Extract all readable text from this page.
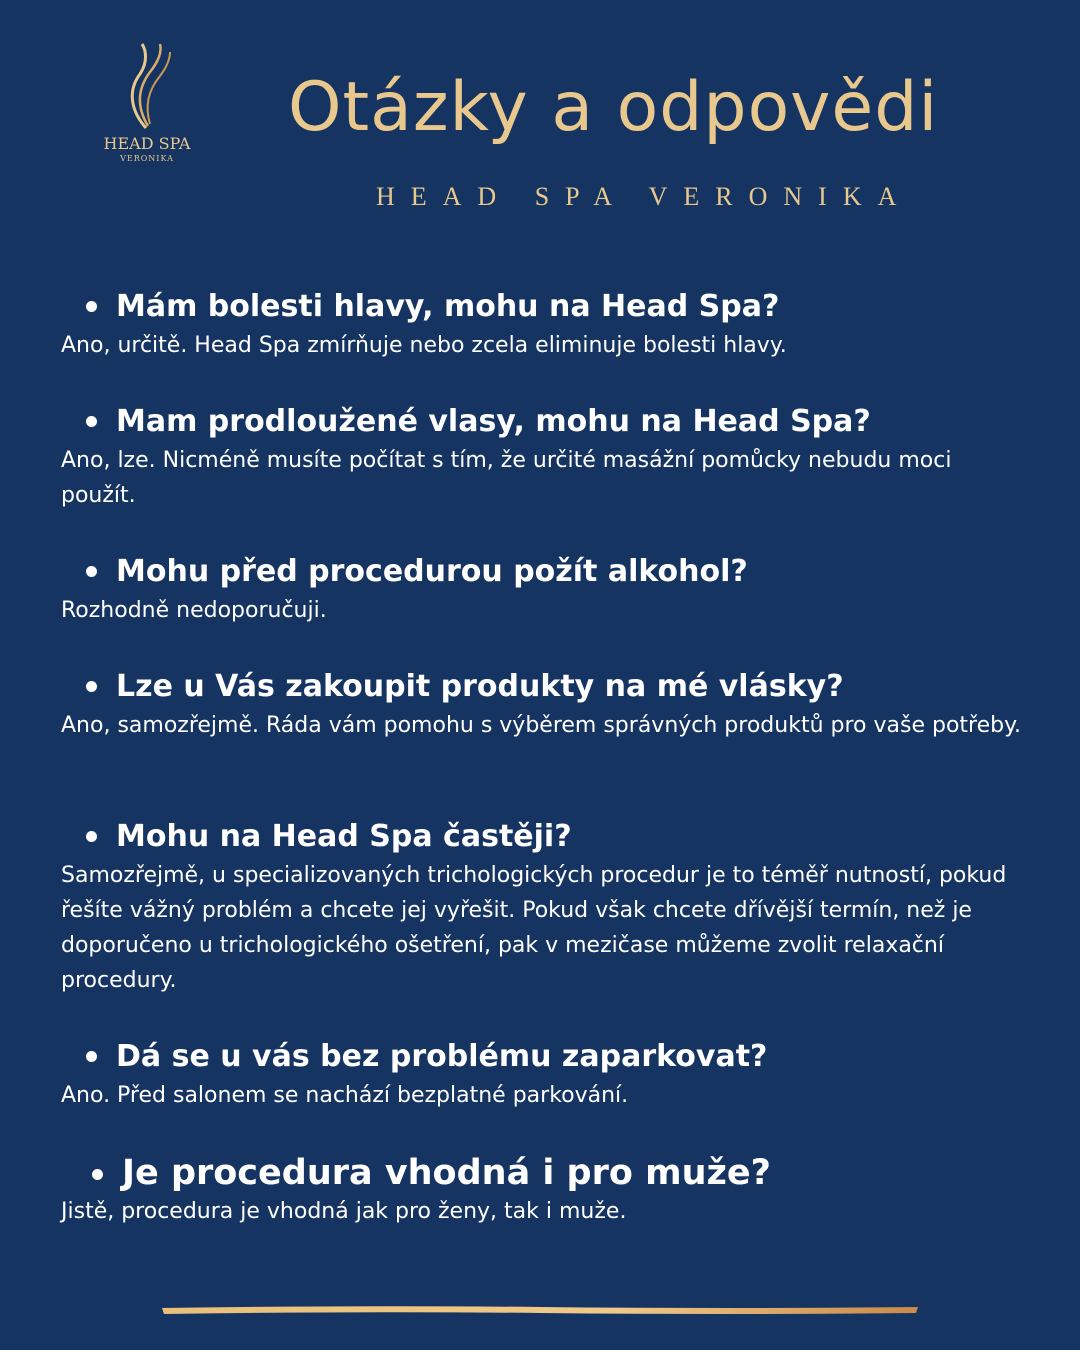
HEAD SPA
VERONIKA
Otázky a odpovědi
HEAD SPA VERONIKA

Mám bolesti hlavy, mohu na Head Spa?

Ano, určitě. Head Spa zmírňuje nebo zcela eliminuje bolesti hlavy.

Mam prodloužené vlasy, mohu na Head Spa?

Ano, lze. Nicméně musíte počítat s tím, že určité masážní pomůcky nebudu moci použít.

Mohu před procedurou požít alkohol?

Rozhodně nedoporučuji.

Lze u Vás zakoupit produkty na mé vlásky?

Ano, samozřejmě. Ráda vám pomohu s výběrem správných produktů pro vaše potřeby.

Mohu na Head Spa častěji?

Samozřejmě, u specializovaných trichologických procedur je to téměř nutností, pokud řešíte vážný problém a chcete jej vyřešit. Pokud však chcete dřívější termín, než je doporučeno u trichologického ošetření, pak v mezičase můžeme zvolit relaxační procedury.

Dá se u vás bez problému zaparkovat?

Ano. Před salonem se nachází bezplatné parkování.

Je procedura vhodná i pro muže?

Jistě, procedura je vhodná jak pro ženy, tak i muže.
